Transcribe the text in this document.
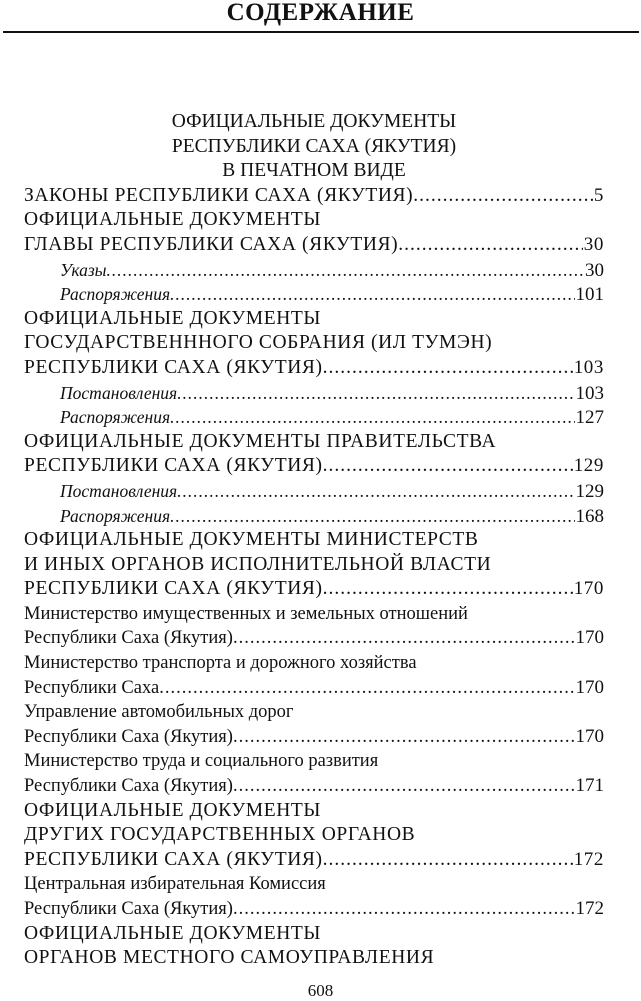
СОДЕРЖАНИЕ
ОФИЦИАЛЬНЫЕ ДОКУМЕНТЫ
РЕСПУБЛИКИ САХА (ЯКУТИЯ)
В ПЕЧАТНОМ ВИДЕ
ЗАКОНЫ РЕСПУБЛИКИ САХА (ЯКУТИЯ) .....	5
ОФИЦИАЛЬНЫЕ ДОКУМЕНТЫ
ГЛАВЫ РЕСПУБЛИКИ САХА (ЯКУТИЯ) .....	30
Указы .....	30
Распоряжения .....	101
ОФИЦИАЛЬНЫЕ ДОКУМЕНТЫ
ГОСУДАРСТВЕНННОГО СОБРАНИЯ (ИЛ ТУМЭН)
РЕСПУБЛИКИ САХА (ЯКУТИЯ) .....	103
Постановления .....	103
Распоряжения .....	127
ОФИЦИАЛЬНЫЕ ДОКУМЕНТЫ ПРАВИТЕЛЬСТВА
РЕСПУБЛИКИ САХА (ЯКУТИЯ) .....	129
Постановления .....	129
Распоряжения .....	168
ОФИЦИАЛЬНЫЕ ДОКУМЕНТЫ МИНИСТЕРСТВ
И ИНЫХ ОРГАНОВ ИСПОЛНИТЕЛЬНОЙ ВЛАСТИ
РЕСПУБЛИКИ САХА (ЯКУТИЯ) .....	170
Министерство имущественных и земельных отношений
Республики Саха (Якутия) .....	170
Министерство транспорта и дорожного хозяйства
Республики Саха .....	170
Управление автомобильных дорог
Республики Саха (Якутия) .....	170
Министерство труда и социального развития
Республики Саха (Якутия) .....	171
ОФИЦИАЛЬНЫЕ ДОКУМЕНТЫ
ДРУГИХ ГОСУДАРСТВЕННЫХ ОРГАНОВ
РЕСПУБЛИКИ САХА (ЯКУТИЯ) .....	172
Центральная избирательная Комиссия
Республики Саха (Якутия) .....	172
ОФИЦИАЛЬНЫЕ ДОКУМЕНТЫ
ОРГАНОВ МЕСТНОГО САМОУПРАВЛЕНИЯ
608
